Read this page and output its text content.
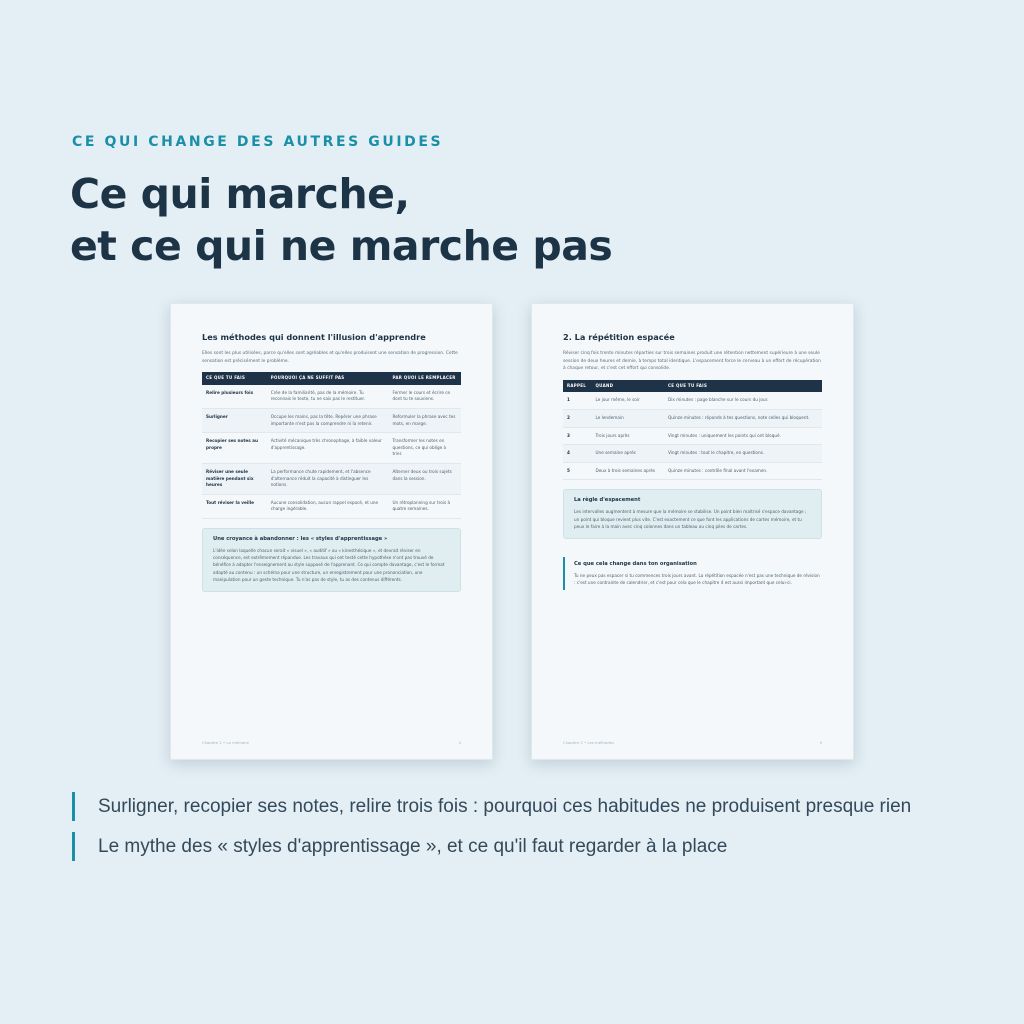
CE QUI CHANGE DES AUTRES GUIDES
Ce qui marche,
et ce qui ne marche pas
Les méthodes qui donnent l'illusion d'apprendre
Elles sont les plus utilisées, parce qu'elles sont agréables et qu'elles produisent une sensation de progression. Cette sensation est précisément le problème.
CE QUE TU FAIS	POURQUOI ÇA NE SUFFIT PAS	PAR QUOI LE REMPLACER
Relire plusieurs fois	Crée de la familiarité, pas de la mémoire. Tu reconnais le texte, tu ne sais pas le restituer.	Fermer le cours et écrire ce dont tu te souviens.
Surligner	Occupe les mains, pas la tête. Repérer une phrase importante n'est pas la comprendre ni la retenir.	Reformuler la phrase avec tes mots, en marge.
Recopier ses notes au propre	Activité mécanique très chronophage, à faible valeur d'apprentissage.	Transformer les notes en questions, ce qui oblige à trier.
Réviser une seule matière pendant six heures	La performance chute rapidement, et l'absence d'alternance réduit la capacité à distinguer les notions.	Alterner deux ou trois sujets dans la session.
Tout réviser la veille	Aucune consolidation, aucun rappel espacé, et une charge ingérable.	Un rétroplanning sur trois à quatre semaines.
Une croyance à abandonner : les « styles d'apprentissage »
L'idée selon laquelle chacun serait « visuel », « auditif » ou « kinesthésique », et devrait réviser en conséquence, est extrêmement répandue. Les travaux qui ont testé cette hypothèse n'ont pas trouvé de bénéfice à adapter l'enseignement au style supposé de l'apprenant. Ce qui compte davantage, c'est le format adapté au contenu : un schéma pour une structure, un enregistrement pour une prononciation, une manipulation pour un geste technique. Tu n'as pas de style, tu as des contenus différents.
Chapitre 1 • La mémoire	4
2. La répétition espacée
Réviser cinq fois trente minutes réparties sur trois semaines produit une rétention nettement supérieure à une seule session de deux heures et demie, à temps total identique. L'espacement force le cerveau à un effort de récupération à chaque retour, et c'est cet effort qui consolide.
RAPPEL	QUAND	CE QUE TU FAIS
1	Le jour même, le soir	Dix minutes : page blanche sur le cours du jour.
2	Le lendemain	Quinze minutes : réponds à tes questions, note celles qui bloquent.
3	Trois jours après	Vingt minutes : uniquement les points qui ont bloqué.
4	Une semaine après	Vingt minutes : tout le chapitre, en questions.
5	Deux à trois semaines après	Quinze minutes : contrôle final avant l'examen.
La règle d'espacement
Les intervalles augmentent à mesure que la mémoire se stabilise. Un point bien maîtrisé s'espace davantage ; un point qui bloque revient plus vite. C'est exactement ce que font les applications de cartes mémoire, et tu peux le faire à la main avec cinq colonnes dans un tableau ou cinq piles de cartes.
Ce que cela change dans ton organisation
Tu ne peux pas espacer si tu commences trois jours avant. La répétition espacée n'est pas une technique de révision : c'est une contrainte de calendrier, et c'est pour cela que le chapitre 4 est aussi important que celui-ci.
Chapitre 2 • Les méthodes	9
Surligner, recopier ses notes, relire trois fois : pourquoi ces habitudes ne produisent presque rien
Le mythe des « styles d'apprentissage », et ce qu'il faut regarder à la place
